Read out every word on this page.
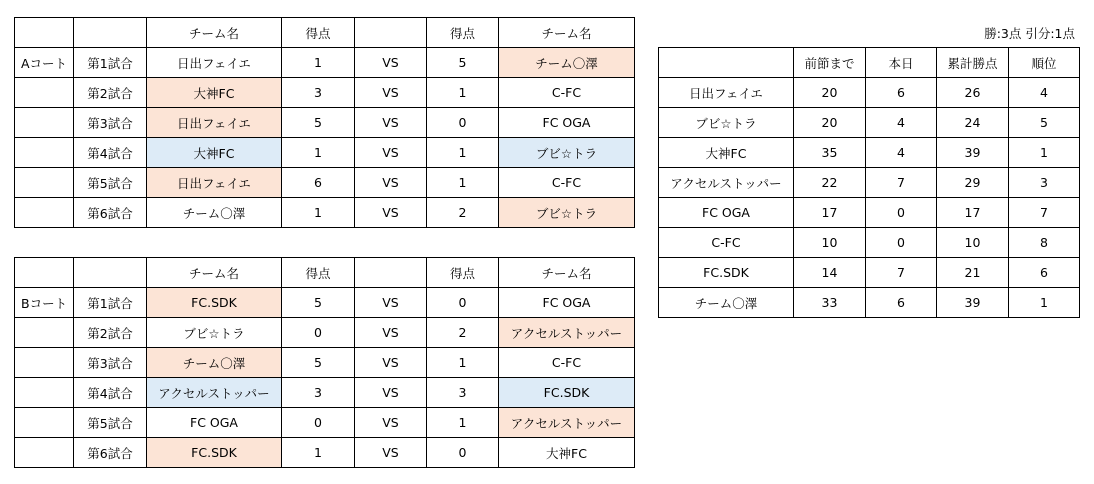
		チーム名	得点		得点	チーム名
Aコート	第1試合	日出フェイエ	1	VS	5	チーム〇澤
	第2試合	大神FC	3	VS	1	C-FC
	第3試合	日出フェイエ	5	VS	0	FC OGA
	第4試合	大神FC	1	VS	1	ブビ☆トラ
	第5試合	日出フェイエ	6	VS	1	C-FC
	第6試合	チーム〇澤	1	VS	2	ブビ☆トラ
		チーム名	得点		得点	チーム名
Bコート	第1試合	FC.SDK	5	VS	0	FC OGA
	第2試合	ブビ☆トラ	0	VS	2	アクセルストッパー
	第3試合	チーム〇澤	5	VS	1	C-FC
	第4試合	アクセルストッパー	3	VS	3	FC.SDK
	第5試合	FC OGA	0	VS	1	アクセルストッパー
	第6試合	FC.SDK	1	VS	0	大神FC
勝:3点 引分:1点
	前節まで	本日	累計勝点	順位
日出フェイエ	20	6	26	4
ブビ☆トラ	20	4	24	5
大神FC	35	4	39	1
アクセルストッパー	22	7	29	3
FC OGA	17	0	17	7
C-FC	10	0	10	8
FC.SDK	14	7	21	6
チーム〇澤	33	6	39	1
